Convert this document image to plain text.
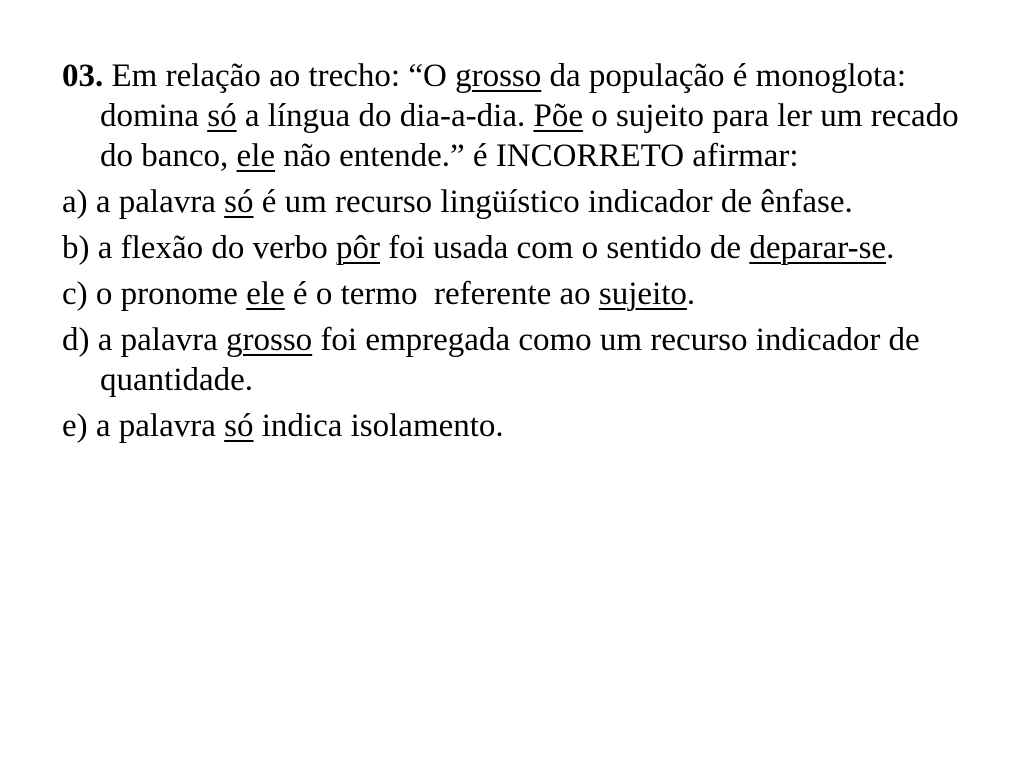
03. Em relação ao trecho: “O grosso da população é monoglota: domina só a língua do dia-a-dia. Põe o sujeito para ler um recado do banco, ele não entende.” é INCORRETO afirmar:

a) a palavra só é um recurso lingüístico indicador de ênfase.

b) a flexão do verbo pôr foi usada com o sentido de deparar-se.

c) o pronome ele é o termo  referente ao sujeito.

d) a palavra grosso foi empregada como um recurso indicador de quantidade.

e) a palavra só indica isolamento.
